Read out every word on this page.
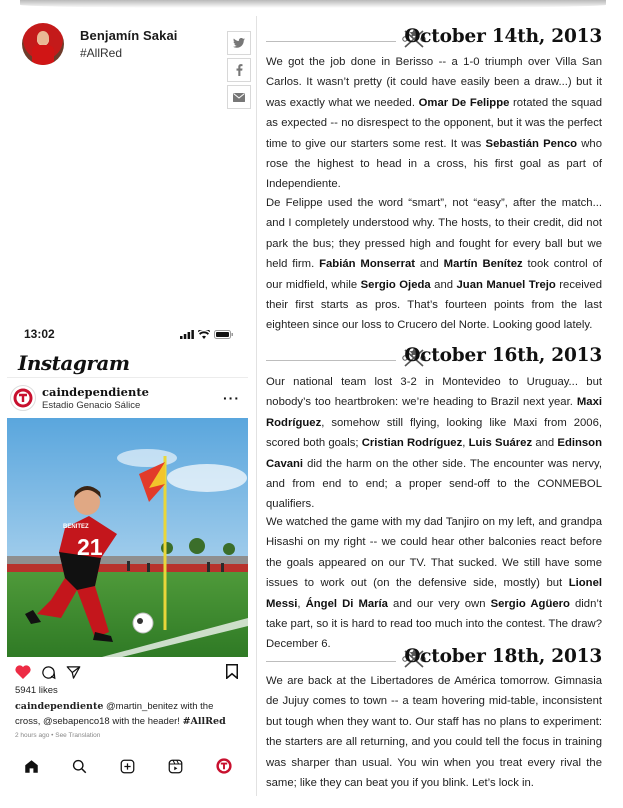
Benjamín Sakai
#AllRed
13:02
Instagram
caindependiente
Estadio Genacio Sálice	···
21
BENITEZ
5941 likes
caindependiente @martin_benitez with the cross, @sebapenco18 with the header! #AllRed
2 hours ago • See Translation
October 14th, 2013

We got the job done in Berisso -- a 1-0 triumph over Villa San Carlos. It wasn’t pretty (it could have easily been a draw...) but it was exactly what we needed. Omar De Felippe rotated the squad as expected -- no disrespect to the opponent, but it was the perfect time to give our starters some rest. It was Sebastián Penco who rose the highest to head in a cross, his first goal as part of Independiente.

De Felippe used the word “smart”, not “easy”, after the match... and I completely understood why. The hosts, to their credit, did not park the bus; they pressed high and fought for every ball but we held firm. Fabián Monserrat and Martín Benítez took control of our midfield, while Sergio Ojeda and Juan Manuel Trejo received their first starts as pros. That’s fourteen points from the last eighteen since our loss to Crucero del Norte. Looking good lately.

October 16th, 2013

Our national team lost 3-2 in Montevideo to Uruguay... but nobody’s too heartbroken: we’re heading to Brazil next year. Maxi Rodríguez, somehow still flying, looking like Maxi from 2006, scored both goals; Cristian Rodríguez, Luis Suárez and Edinson Cavani did the harm on the other side. The encounter was nervy, and from end to end; a proper send-off to the CONMEBOL qualifiers.

We watched the game with my dad Tanjiro on my left, and grandpa Hisashi on my right -- we could hear other balconies react before the goals appeared on our TV. That sucked. We still have some issues to work out (on the defensive side, mostly) but Lionel Messi, Ángel Di María and our very own Sergio Agüero didn’t take part, so it is hard to read too much into the contest. The draw? December 6.

October 18th, 2013

We are back at the Libertadores de América tomorrow. Gimnasia de Jujuy comes to town -- a team hovering mid-table, inconsistent but tough when they want to. Our staff has no plans to experiment: the starters are all returning, and you could tell the focus in training was sharper than usual. You win when you treat every rival the same; like they can beat you if you blink. Let’s lock in.
